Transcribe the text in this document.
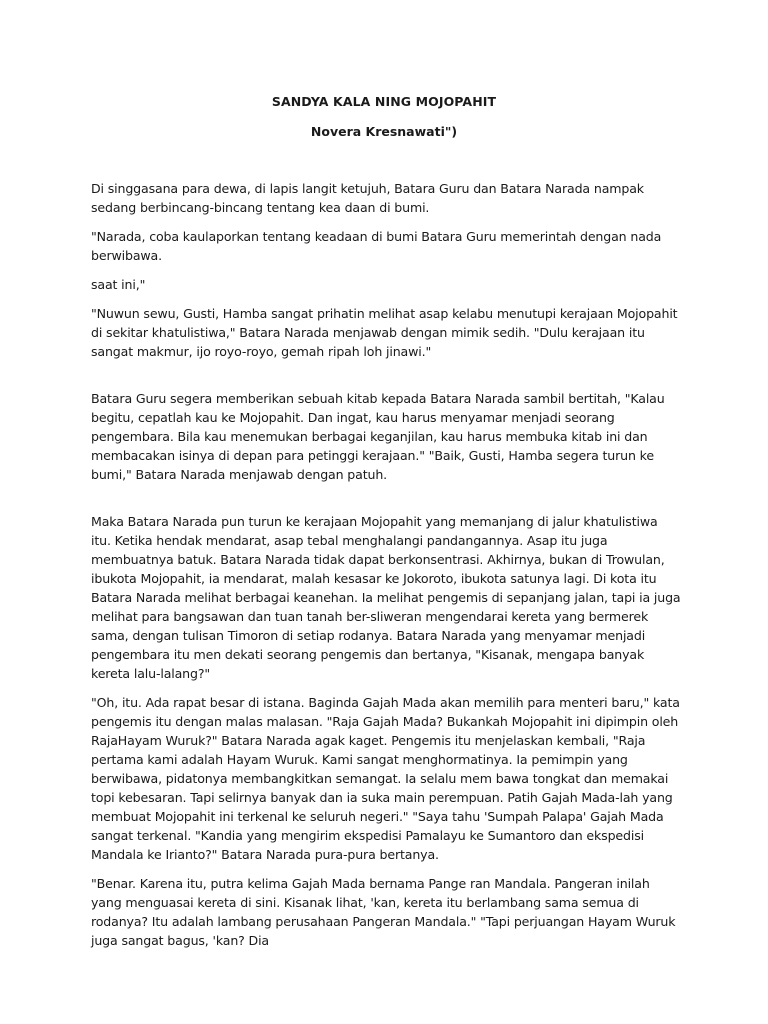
SANDYA KALA NING MOJOPAHIT
Novera Kresnawati")

Di singgasana para dewa, di lapis langit ketujuh, Batara Guru dan Batara Narada nampak sedang berbincang-bincang tentang kea daan di bumi.

"Narada, coba kaulaporkan tentang keadaan di bumi Batara Guru memerintah dengan nada berwibawa.

saat ini,"

"Nuwun sewu, Gusti, Hamba sangat prihatin melihat asap kelabu menutupi kerajaan Mojopahit di sekitar khatulistiwa," Batara Narada menjawab dengan mimik sedih. "Dulu kerajaan itu sangat makmur, ijo royo-royo, gemah ripah loh jinawi."

Batara Guru segera memberikan sebuah kitab kepada Batara Narada sambil bertitah, "Kalau begitu, cepatlah kau ke Mojopahit. Dan ingat, kau harus menyamar menjadi seorang pengembara. Bila kau menemukan berbagai keganjilan, kau harus membuka kitab ini dan membacakan isinya di depan para petinggi kerajaan." "Baik, Gusti, Hamba segera turun ke bumi," Batara Narada menjawab dengan patuh.

Maka Batara Narada pun turun ke kerajaan Mojopahit yang memanjang di jalur khatulistiwa itu. Ketika hendak mendarat, asap tebal menghalangi pandangannya. Asap itu juga membuatnya batuk. Batara Narada tidak dapat berkonsentrasi. Akhirnya, bukan di Trowulan, ibukota Mojopahit, ia mendarat, malah kesasar ke Jokoroto, ibukota satunya lagi. Di kota itu Batara Narada melihat berbagai keanehan. Ia melihat pengemis di sepanjang jalan, tapi ia juga melihat para bangsawan dan tuan tanah ber-sliweran mengendarai kereta yang bermerek sama, dengan tulisan Timoron di setiap rodanya. Batara Narada yang menyamar menjadi pengembara itu men dekati seorang pengemis dan bertanya, "Kisanak, mengapa banyak kereta lalu-lalang?"

"Oh, itu. Ada rapat besar di istana. Baginda Gajah Mada akan memilih para menteri baru," kata pengemis itu dengan malas malasan. "Raja Gajah Mada? Bukankah Mojopahit ini dipimpin oleh RajaHayam Wuruk?" Batara Narada agak kaget. Pengemis itu menjelaskan kembali, "Raja pertama kami adalah Hayam Wuruk. Kami sangat menghormatinya. Ia pemimpin yang berwibawa, pidatonya membangkitkan semangat. Ia selalu mem bawa tongkat dan memakai topi kebesaran. Tapi selirnya banyak dan ia suka main perempuan. Patih Gajah Mada-lah yang membuat Mojopahit ini terkenal ke seluruh negeri." "Saya tahu 'Sumpah Palapa' Gajah Mada sangat terkenal. "Kandia yang mengirim ekspedisi Pamalayu ke Sumantoro dan ekspedisi Mandala ke Irianto?" Batara Narada pura-pura bertanya.

"Benar. Karena itu, putra kelima Gajah Mada bernama Pange ran Mandala. Pangeran inilah yang menguasai kereta di sini. Kisanak lihat, 'kan, kereta itu berlambang sama semua di rodanya? Itu adalah lambang perusahaan Pangeran Mandala." "Tapi perjuangan Hayam Wuruk juga sangat bagus, 'kan? Dia
